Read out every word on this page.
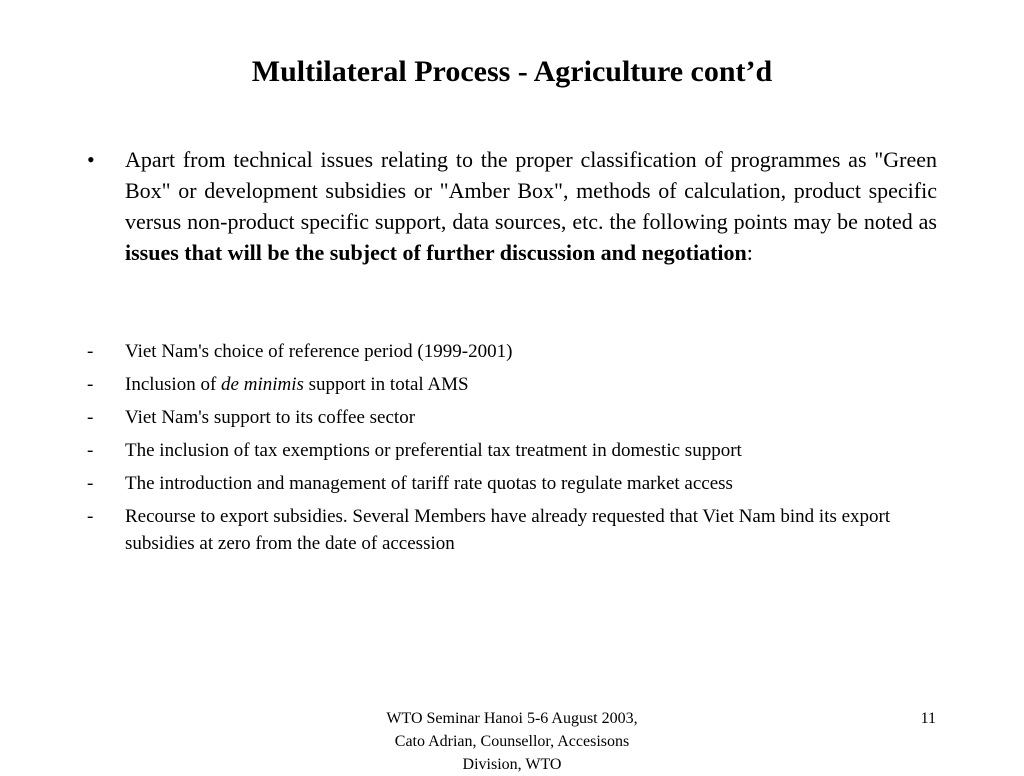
Multilateral Process - Agriculture cont’d
• Apart from technical issues relating to the proper classification of programmes as "Green Box" or development subsidies or "Amber Box", methods of calculation, product specific versus non-product specific support, data sources, etc. the following points may be noted as issues that will be the subject of further discussion and negotiation:
- Viet Nam's choice of reference period (1999-2001)
- Inclusion of de minimis support in total AMS
- Viet Nam's support to its coffee sector
- The inclusion of tax exemptions or preferential tax treatment in domestic support
- The introduction and management of tariff rate quotas to regulate market access
- Recourse to export subsidies. Several Members have already requested that Viet Nam bind its export subsidies at zero from the date of accession
WTO Seminar Hanoi 5-6 August 2003, Cato Adrian, Counsellor, Accesisons Division, WTO
11
